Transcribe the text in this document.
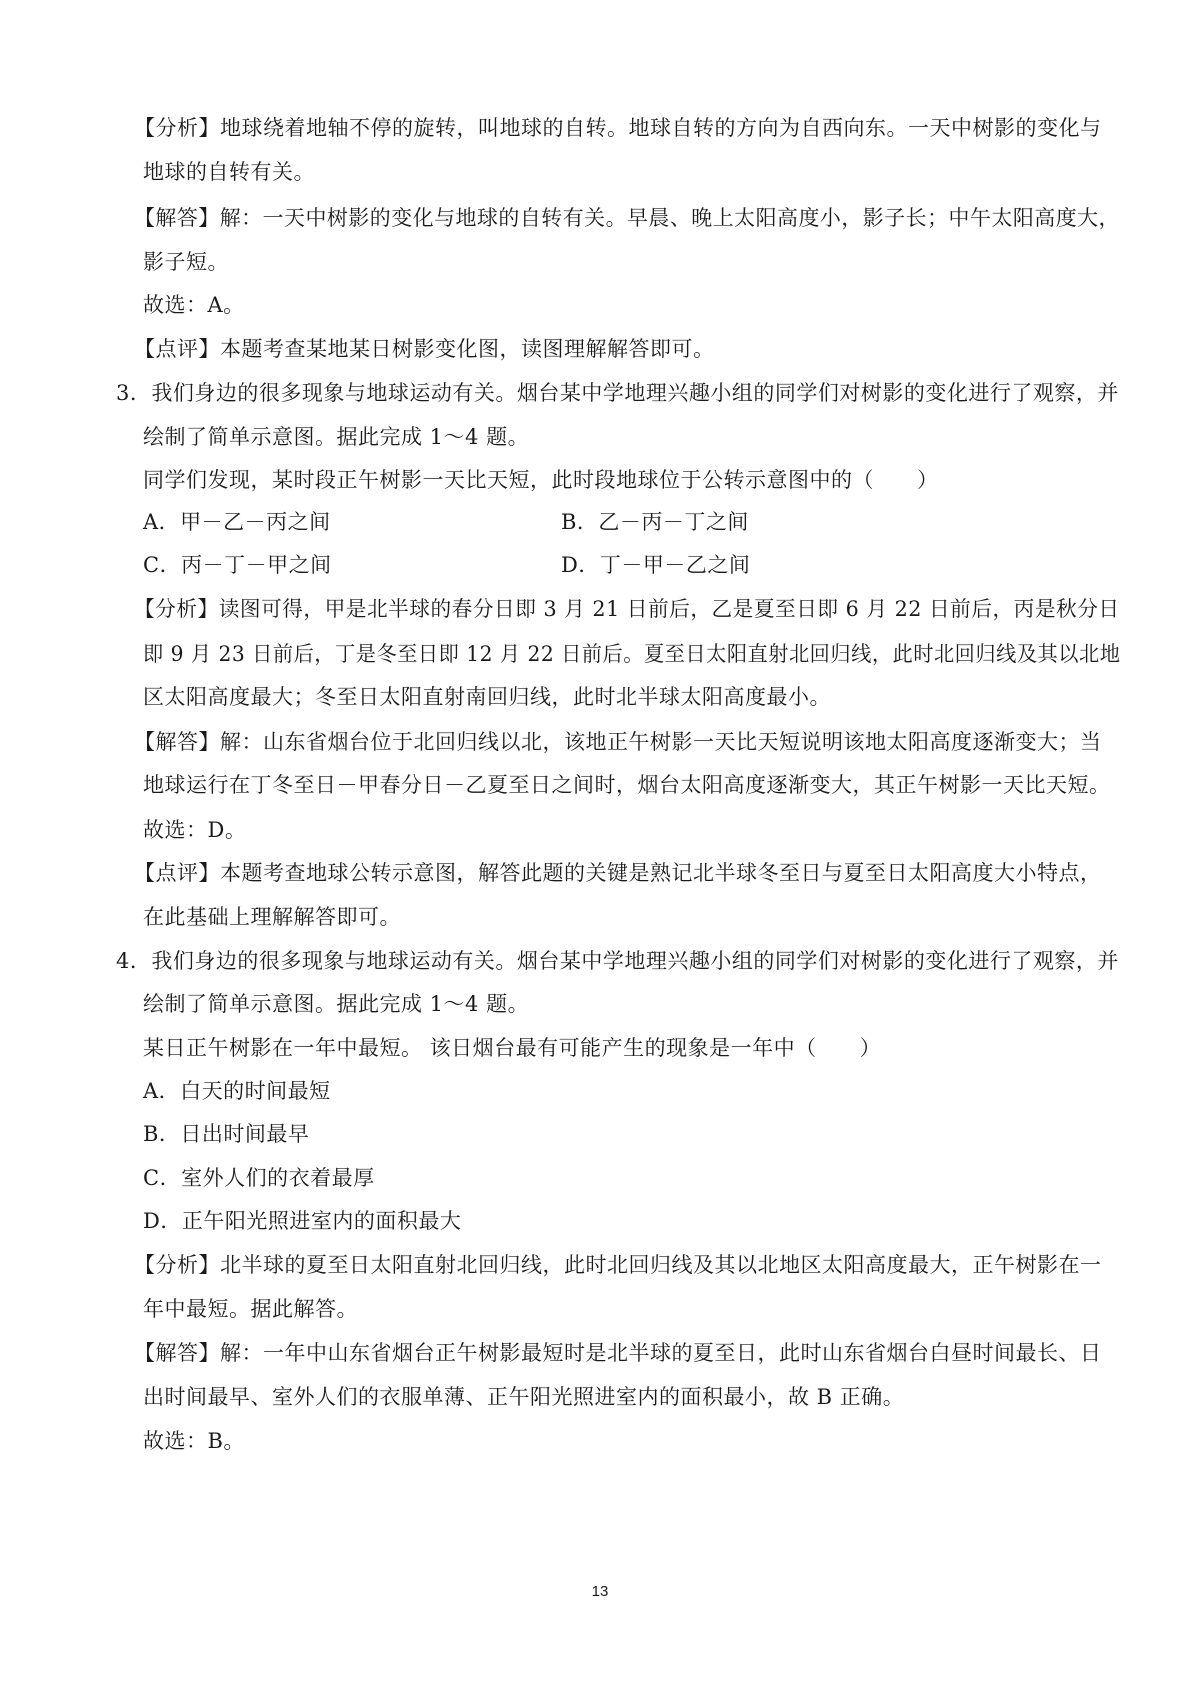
【分析】地球绕着地轴不停的旋转，叫地球的自转。地球自转的方向为自西向东。一天中树影的变化与
地球的自转有关。
【解答】解：一天中树影的变化与地球的自转有关。早晨、晚上太阳高度小，影子长；中午太阳高度大，
影子短。
故选：A。
【点评】本题考查某地某日树影变化图，读图理解解答即可。
3．我们身边的很多现象与地球运动有关。烟台某中学地理兴趣小组的同学们对树影的变化进行了观察，并
绘制了简单示意图。据此完成 1～4 题。
同学们发现，某时段正午树影一天比天短，此时段地球位于公转示意图中的（　　）
A．甲－乙－丙之间	B．乙－丙－丁之间
C．丙－丁－甲之间	D．丁－甲－乙之间
【分析】读图可得，甲是北半球的春分日即 3 月 21 日前后，乙是夏至日即 6 月 22 日前后，丙是秋分日
即 9 月 23 日前后，丁是冬至日即 12 月 22 日前后。夏至日太阳直射北回归线，此时北回归线及其以北地
区太阳高度最大；冬至日太阳直射南回归线，此时北半球太阳高度最小。
【解答】解：山东省烟台位于北回归线以北，该地正午树影一天比天短说明该地太阳高度逐渐变大；当
地球运行在丁冬至日－甲春分日－乙夏至日之间时，烟台太阳高度逐渐变大，其正午树影一天比天短。
故选：D。
【点评】本题考查地球公转示意图，解答此题的关键是熟记北半球冬至日与夏至日太阳高度大小特点，
在此基础上理解解答即可。
4．我们身边的很多现象与地球运动有关。烟台某中学地理兴趣小组的同学们对树影的变化进行了观察，并
绘制了简单示意图。据此完成 1～4 题。
某日正午树影在一年中最短。 该日烟台最有可能产生的现象是一年中（　　）
A．白天的时间最短
B．日出时间最早
C．室外人们的衣着最厚
D．正午阳光照进室内的面积最大
【分析】北半球的夏至日太阳直射北回归线，此时北回归线及其以北地区太阳高度最大，正午树影在一
年中最短。据此解答。
【解答】解：一年中山东省烟台正午树影最短时是北半球的夏至日，此时山东省烟台白昼时间最长、日
出时间最早、室外人们的衣服单薄、正午阳光照进室内的面积最小，故 B 正确。
故选：B。
13
